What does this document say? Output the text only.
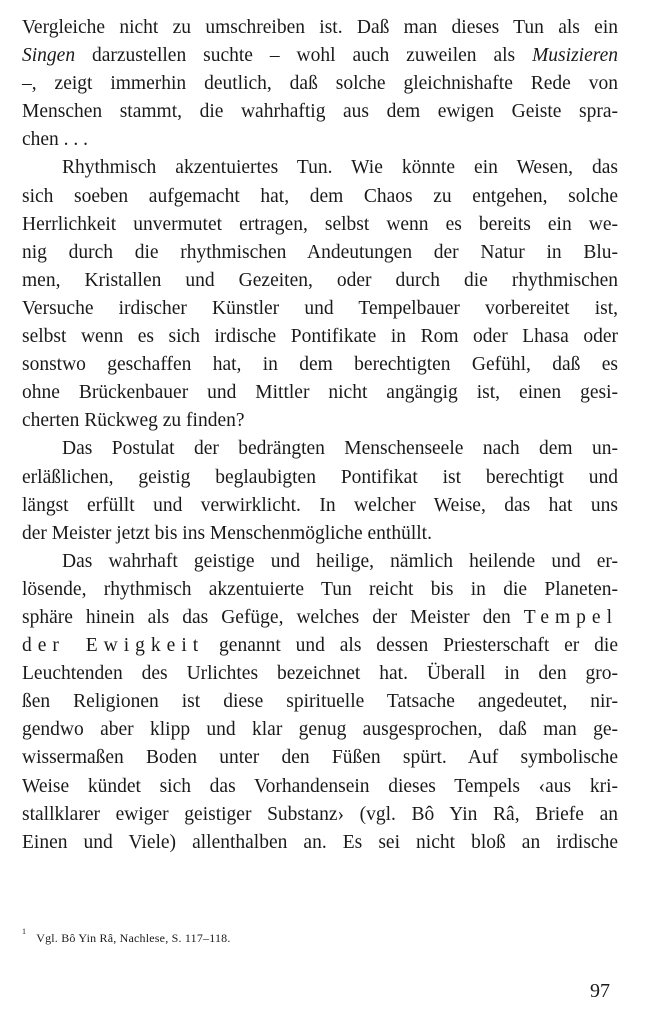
Vergleiche nicht zu umschreiben ist. Daß man dieses Tun als ein
Singen darzustellen suchte – wohl auch zuweilen als Musizieren
–, zeigt immerhin deutlich, daß solche gleichnishafte Rede von
Menschen stammt, die wahrhaftig aus dem ewigen Geiste spra-
chen . . .
Rhythmisch akzentuiertes Tun. Wie könnte ein Wesen, das
sich soeben aufgemacht hat, dem Chaos zu entgehen, solche
Herrlichkeit unvermutet ertragen, selbst wenn es bereits ein we-
nig durch die rhythmischen Andeutungen der Natur in Blu-
men, Kristallen und Gezeiten, oder durch die rhythmischen
Versuche irdischer Künstler und Tempelbauer vorbereitet ist,
selbst wenn es sich irdische Pontifikate in Rom oder Lhasa oder
sonstwo geschaffen hat, in dem berechtigten Gefühl, daß es
ohne Brückenbauer und Mittler nicht angängig ist, einen gesi-
cherten Rückweg zu finden?
Das Postulat der bedrängten Menschenseele nach dem un-
erläßlichen, geistig beglaubigten Pontifikat ist berechtigt und
längst erfüllt und verwirklicht. In welcher Weise, das hat uns
der Meister jetzt bis ins Menschenmögliche enthüllt.
Das wahrhaft geistige und heilige, nämlich heilende und er-
lösende, rhythmisch akzentuierte Tun reicht bis in die Planeten-
sphäre hinein als das Gefüge, welches der Meister den Tempel
der Ewigkeit genannt und als dessen Priesterschaft er die
Leuchtenden des Urlichtes bezeichnet hat. Überall in den gro-
ßen Religionen ist diese spirituelle Tatsache angedeutet, nir-
gendwo aber klipp und klar genug ausgesprochen, daß man ge-
wissermaßen Boden unter den Füßen spürt. Auf symbolische
Weise kündet sich das Vorhandensein dieses Tempels ‹aus kri-
stallklarer ewiger geistiger Substanz› (vgl. Bô Yin Râ, Briefe an
Einen und Viele) allenthalben an. Es sei nicht bloß an irdische
$^1$ Vgl. Bô Yin Râ, Nachlese, S. 117–118.
97
